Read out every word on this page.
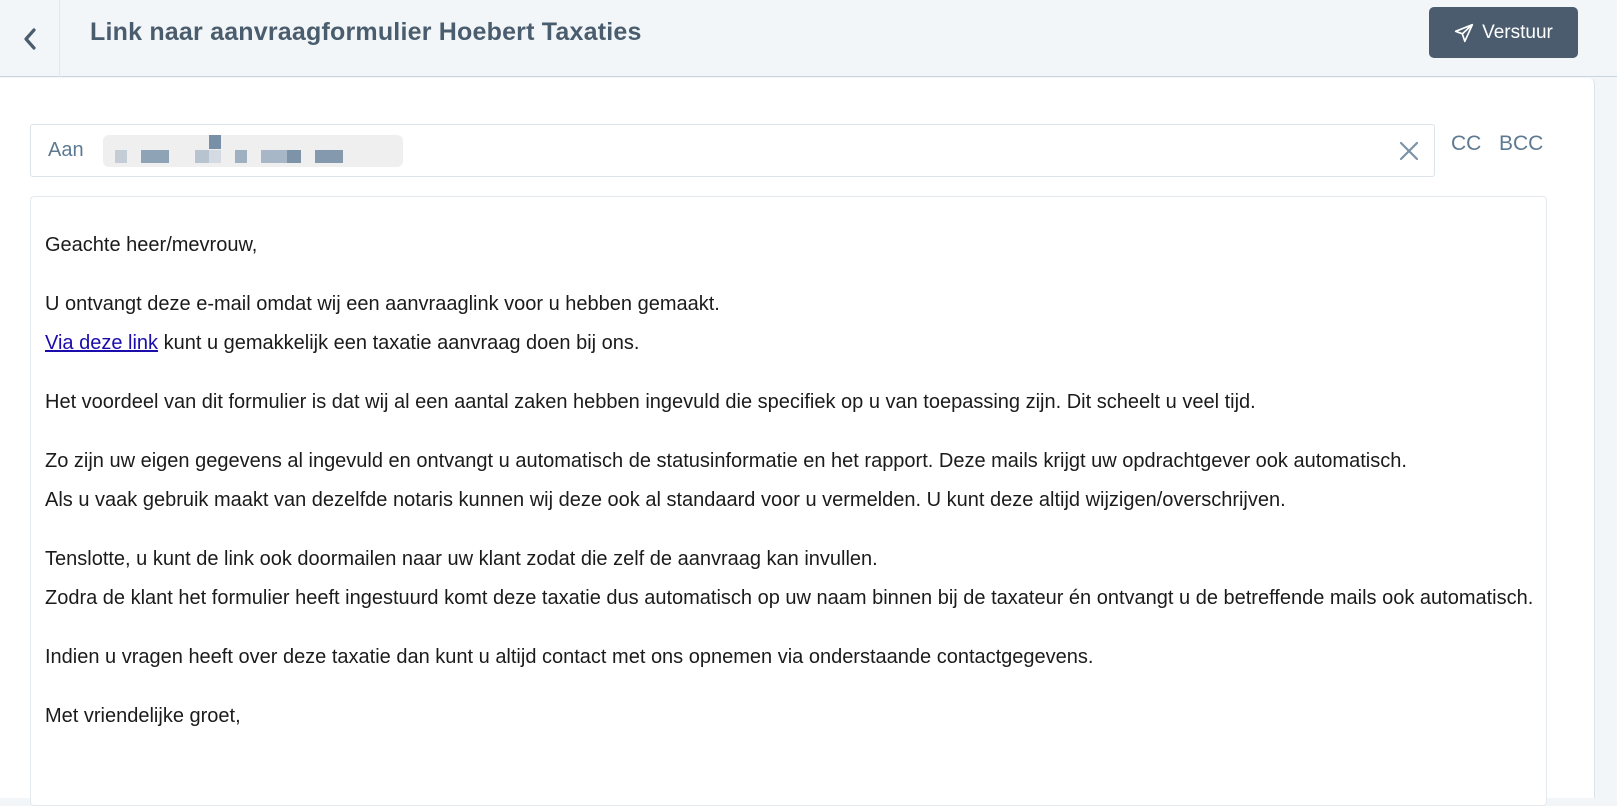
Link naar aanvraagformulier Hoebert Taxaties	Verstuur
Aan	CC BCC

Geachte heer/mevrouw,

U ontvangt deze e-mail omdat wij een aanvraaglink voor u hebben gemaakt.
Via deze link kunt u gemakkelijk een taxatie aanvraag doen bij ons.

Het voordeel van dit formulier is dat wij al een aantal zaken hebben ingevuld die specifiek op u van toepassing zijn. Dit scheelt u veel tijd.

Zo zijn uw eigen gegevens al ingevuld en ontvangt u automatisch de statusinformatie en het rapport. Deze mails krijgt uw opdrachtgever ook automatisch.
Als u vaak gebruik maakt van dezelfde notaris kunnen wij deze ook al standaard voor u vermelden. U kunt deze altijd wijzigen/overschrijven.

Tenslotte, u kunt de link ook doormailen naar uw klant zodat die zelf de aanvraag kan invullen.
Zodra de klant het formulier heeft ingestuurd komt deze taxatie dus automatisch op uw naam binnen bij de taxateur én ontvangt u de betreffende mails ook automatisch.

Indien u vragen heeft over deze taxatie dan kunt u altijd contact met ons opnemen via onderstaande contactgegevens.

Met vriendelijke groet,
